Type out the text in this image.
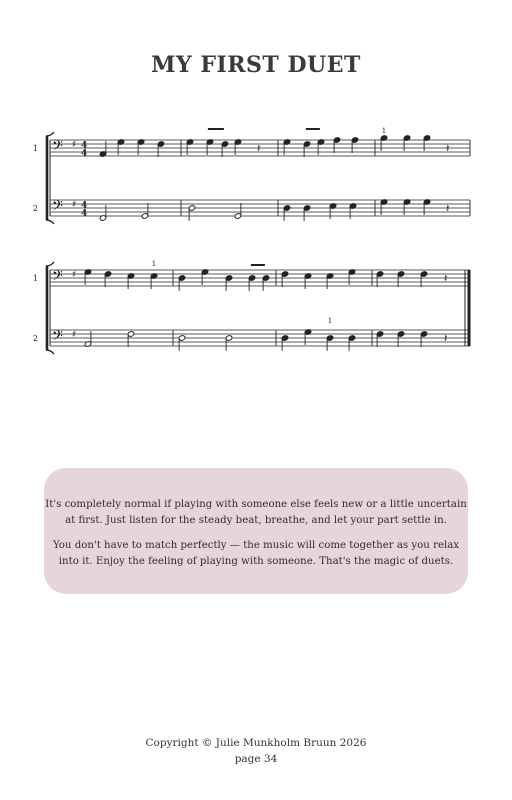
MY FIRST DUET
𝄢 ♯ 4
4
1
𝄢 ♯ 4
4
2
𝄢 ♯
1
𝄢 ♯
2
𝄽	𝄽
1
𝄽
1
𝄽
1
𝄽

It's completely normal if playing with someone else feels new or a little uncertain at first. Just listen for the steady beat, breathe, and let your part settle in.

You don't have to match perfectly — the music will come together as you relax into it. Enjoy the feeling of playing with someone. That's the magic of duets.

Copyright © Julie Munkholm Bruun 2026
page 34
